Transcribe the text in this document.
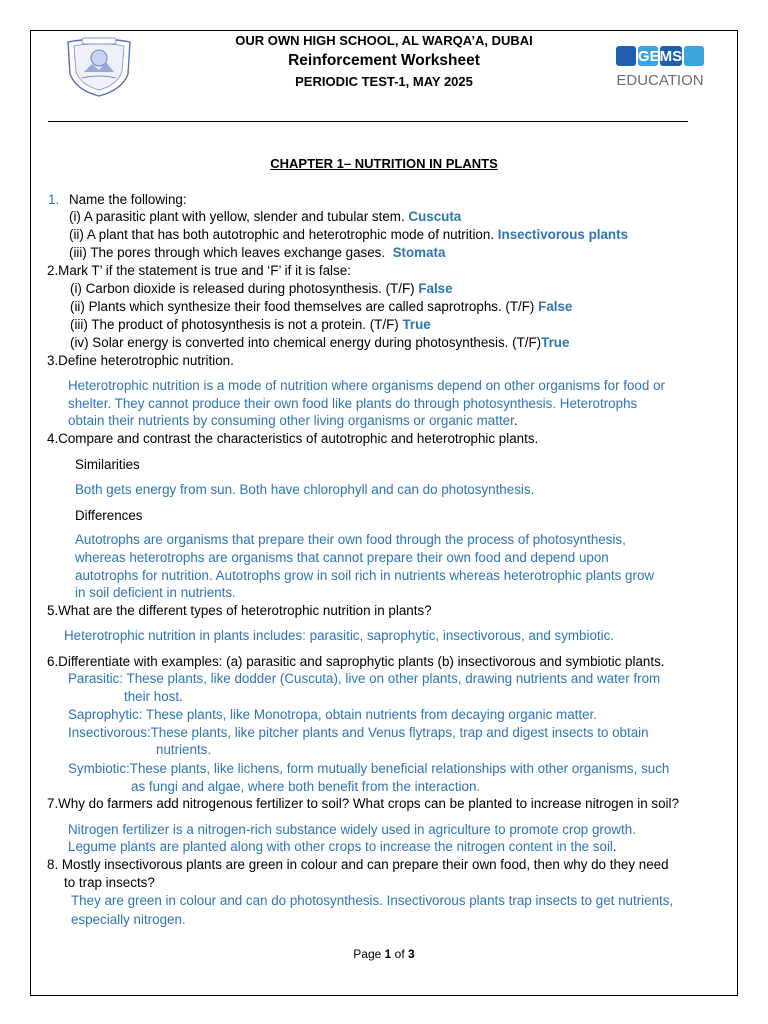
GEMS
EDUCATION
OUR OWN HIGH SCHOOL, AL WARQA’A, DUBAI
Reinforcement Worksheet
PERIODIC TEST-1, MAY 2025
CHAPTER 1– NUTRITION IN PLANTS
1. Name the following:
(i) A parasitic plant with yellow, slender and tubular stem. Cuscuta
(ii) A plant that has both autotrophic and heterotrophic mode of nutrition. Insectivorous plants
(iii) The pores through which leaves exchange gases. Stomata
2.Mark T’ if the statement is true and ‘F’ if it is false:
(i) Carbon dioxide is released during photosynthesis. (T/F) False
(ii) Plants which synthesize their food themselves are called saprotrophs. (T/F) False
(iii) The product of photosynthesis is not a protein. (T/F) True
(iv) Solar energy is converted into chemical energy during photosynthesis. (T/F)True
3.Define heterotrophic nutrition.
Heterotrophic nutrition is a mode of nutrition where organisms depend on other organisms for food or
shelter. They cannot produce their own food like plants do through photosynthesis. Heterotrophs
obtain their nutrients by consuming other living organisms or organic matter.
4.Compare and contrast the characteristics of autotrophic and heterotrophic plants.
Similarities
Both gets energy from sun. Both have chlorophyll and can do photosynthesis.
Differences
Autotrophs are organisms that prepare their own food through the process of photosynthesis,
whereas heterotrophs are organisms that cannot prepare their own food and depend upon
autotrophs for nutrition. Autotrophs grow in soil rich in nutrients whereas heterotrophic plants grow
in soil deficient in nutrients.
5.What are the different types of heterotrophic nutrition in plants?
Heterotrophic nutrition in plants includes: parasitic, saprophytic, insectivorous, and symbiotic.
6.Differentiate with examples: (a) parasitic and saprophytic plants (b) insectivorous and symbiotic plants.
Parasitic: These plants, like dodder (Cuscuta), live on other plants, drawing nutrients and water from
their host.
Saprophytic: These plants, like Monotropa, obtain nutrients from decaying organic matter.
Insectivorous:These plants, like pitcher plants and Venus flytraps, trap and digest insects to obtain
nutrients.
Symbiotic:These plants, like lichens, form mutually beneficial relationships with other organisms, such
as fungi and algae, where both benefit from the interaction.
7.Why do farmers add nitrogenous fertilizer to soil? What crops can be planted to increase nitrogen in soil?
Nitrogen fertilizer is a nitrogen-rich substance widely used in agriculture to promote crop growth.
Legume plants are planted along with other crops to increase the nitrogen content in the soil.
8. Mostly insectivorous plants are green in colour and can prepare their own food, then why do they need
to trap insects?
They are green in colour and can do photosynthesis. Insectivorous plants trap insects to get nutrients,
especially nitrogen.
Page 1 of 3
